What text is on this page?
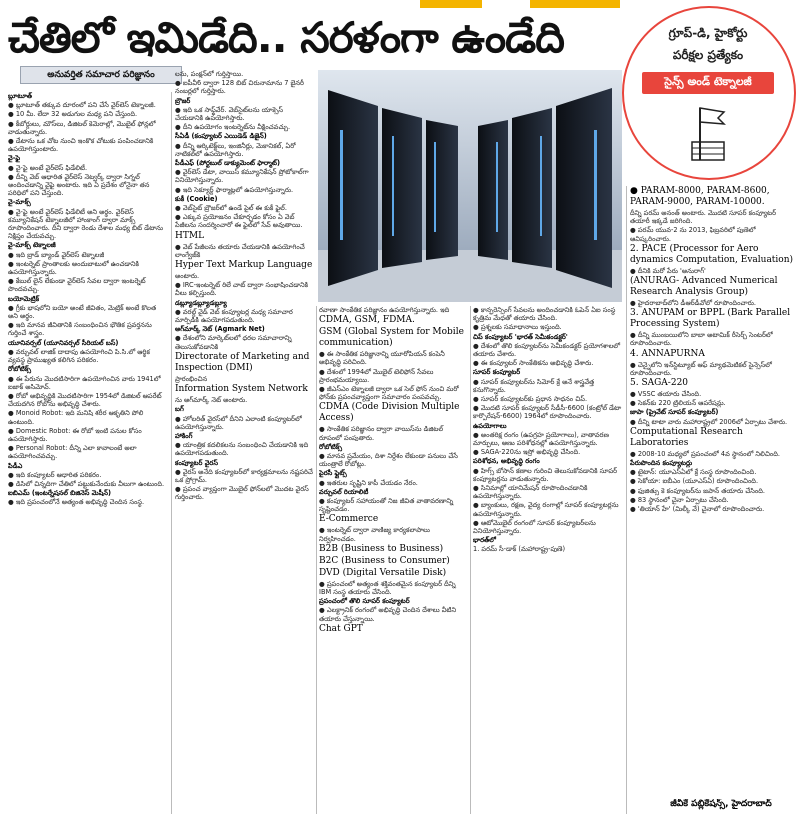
చేతిలో ఇమిడేది.. సరళంగా ఉండేది	గ్రూప్-డి, హైకోర్టు
పరీక్షల ప్రత్యేకం
సైన్స్ అండ్ టెక్నాలజీ
అనువర్తిత సమాచార పరిజ్ఞానం

బ్లూటూత్

● బ్లూటూత్ తక్కువ దూరంలో పని చేసే వైర్‌లెస్ టెక్నాలజీ.

● 10 మీ. లేదా 32 అడుగుల మధ్య పని చేస్తుంది.

● కీబోర్డులు, మౌస్‌లు, డిజిటల్ కెమెరాల్లో, మొబైల్ ఫోన్లలో వాడుతున్నారు.

● డేటాను ఒక చోట నుంచి ఇంకొక చోటుకు పంపించడానికి ఉపయోగిస్తుంటారు.

వై-ఫై

● వై-ఫై అంటే వైర్‌లెస్ ఫిడేలిటీ.

● దీన్ని వెబ్ ఆధారిత వైర్‌లెస్ నెట్వర్క్ ద్వారా సిగ్నల్ అందించడాన్ని వైఫై అంటారు. ఇది ఏ ప్రదేశం లోనైనా తన పరిధిలో పని చేస్తుంది.

వై-మాక్స్

● వై-ఫై అంటే వైర్‌లెస్ ఫిడేలిటీ అని అర్థం. వైర్‌లెస్ కమ్యూనికేషన్ టెక్నాలజీలో హాంకాంగ్ ద్వారా మాక్స్ రూపొందించారు. దీని ద్వారా రెండు దేశాల మధ్య బిట్ డేటాను నిక్షిప్తం చేయవచ్చు.

వై-మాక్స్ టెక్నాలజీ

● ఇది బ్రాడ్ బ్యాండ్ వైర్‌లెస్ టెక్నాలజీ

● ఇంటర్నెట్ ప్రాంతాలకు అందుబాటులో ఉంచడానికి ఉపయోగిస్తున్నారు.

● కేబుల్ లైన్ లేకుండా వైర్‌లెస్ సేవల ద్వారా ఇంటర్నెట్ పొందవచ్చు.

బయోమెట్రిక్

● గ్రీకు భాషలోని బయో అంటే జీవితం, మెట్రిక్ అంటే కొలత అని అర్థం.

● ఇది మానవ జీవితానికి సంబంధించిన భౌతిక ప్రవర్తనను గుర్తించే శాస్త్రం.

యూనివర్సల్ (యూనివర్సల్ సీరియల్ బస్)

● వర్చువల్ లాజిక్ దాదాపు ఉపయోగించి పి.సి.లో ఆర్థిక వ్యవస్థ ప్రాముఖ్యత కలిగిన పరికరం.

రోబోటిక్స్

● ఈ పేరును మొదటిసారిగా ఉపయోగించిన వారు 1941లో ఐజాక్ అసిమోవ్.

● రోబో అభివృద్ధికి మొదటిసారిగా 1954లో డిజిటల్ ఆపరేట్ చేయదగిన రోబోను అభివృద్ధి చేశారు.

● Monoid Robot: ఇది మనిషి శరీర ఆకృతిని పోలి ఉంటుంది.

● Domestic Robot: ఈ రోబో ఇంటి పనుల కోసం ఉపయోగిస్తారు.

● Personal Robot: దీన్ని ఎలా కావాలంటే అలా ఉపయోగించవచ్చు.

పిడీఎ

● ఇది కంప్యూటర్ ఆధారిత పరికరం.

● డిసిలో చిన్నదిగా చేతిలో పట్టుకునేందుకు వీలుగా ఉంటుంది.

ఐబిఎమ్ (ఇంటర్నేషనల్ బిజినెస్ మెషీన్)

● ఇది ప్రపంచంలోనే అత్యంత అభివృద్ధి చెందిన సంస్థ.

లను, పంక్షన్‌లో గుర్తిస్తాయి.

● ఐపీవీ6 ద్వారా 128 బిట్ చిరునామాను 7 బైనరీ నంబర్లలో గుర్తిస్తారు.

బ్రౌజర్

● ఇది ఒక సాఫ్ట్‌వేర్. వెబ్‌సైట్‌లను యాక్సెస్ చేయడానికి ఉపయోగిస్తారు.

● దీని ఉపయోగం ఇంటర్నెట్‌ను వీక్షించవచ్చు.

సీఏడీ (కంప్యూటర్ ఎయిడెడ్ డిజైన్)

● దీన్ని ఆర్కిటెక్ట్‌లు, ఇంజినీర్లు, మెకానికల్, ఏరో నాటికల్‌లో ఉపయోగిస్తారు.

పీడీఎఫ్ (పోర్టబుల్ డాక్యుమెంట్ ఫార్మాట్)

● వైర్‌లెస్ డేటా, వాయిస్ కమ్యూనికేషన్ ప్రోటోకాల్‌గా వినియోగిస్తున్నారు.

● ఇది సెక్యూర్డ్ ఫార్మాట్లలో ఉపయోగిస్తున్నారు.

కుకీ (Cookie)

● వెబ్‌సైట్ బ్రౌజర్‌లో ఉండే పైల్ ఈ కుకీ ఫైల్.

● ఎక్కువ ప్రయోజనం చేకూర్చడం కోసం ఏ వెబ్ పేజీలను సందర్శించారో ఈ ఫైల్‌లో సేవ్ అవుతాయి.

HTML

● వెబ్ పేజీలను తయారు చేయడానికి ఉపయోగించే లాంగ్వేజ్‌కి

Hyper Text Markup Language

అంటారు.

● IRC-ఇంటర్నెట్ రిలే చాట్ ద్వారా సంభాషించడానికి వీలు కల్పిస్తుంది.

డబ్ల్యూడబ్ల్యూడబ్ల్యూ

● వరల్డ్ వైడ్ వెబ్ కంప్యూటర్ల మధ్య సమాచార మార్పిడికి ఉపయోగపడుతుంది.

అగ్‌మార్క్ నెట్ (Agmark Net)

● దేశంలోని మార్కెట్‌లలో ధరల సమాచారాన్ని తెలుసుకోవడానికి

Directorate of Marketing and Inspection (DMI)

ప్రారంభించిన

Information System Network

ను అగ్‌మార్క్ నెట్ అంటారు.

బగ్

● హోలరిత్ వైరస్‌లో దీనిని ఎలాంటి కంప్యూటర్‌లో ఉపయోగిస్తున్నారు.

హాకింగ్

● యాంత్రిక కదలికలను సంబంధించి చేయడానికి ఇది ఉపయోగపడుతుంది.

కంప్యూటర్ వైరస్

● వైరస్ అనేది కంప్యూటర్‌లో కార్యక్రమాలను నష్టపరిచే ఒక ప్రోగ్రామ్.

● ప్రపంచ వ్యాప్తంగా మొబైల్ ఫోన్‌లలో మొదట వైరస్ గుర్తించారు.

రవాణా సాంకేతిక పరిజ్ఞానం ఉపయోగిస్తున్నారు. ఇది

CDMA, GSM, FDMA.

GSM (Global System for Mobile communication)

● ఈ సాంకేతిక పరిజ్ఞానాన్ని యూరోపియన్ కంపెనీ అభివృద్ధి పరిచింది.

● దేశంలో 1994లో మొబైల్ టెలిఫోన్ సేవలు ప్రారంభమయ్యాయి.

● జీఎస్ఎం టెక్నాలజీ ద్వారా ఒక సెల్ ఫోన్ నుంచి మరో ఫోన్‌కు ప్రపంచవ్యాప్తంగా సమాచారం పంపవచ్చు.

CDMA (Code Division Multiple Access)

● సాంకేతిక పరిజ్ఞానం ద్వారా వాయిస్‌ను డిజిటల్ రూపంలో పంపుతారు.

రోబోటిక్స్

● మానవ ప్రమేయం, దిశా నిర్దేశం లేకుండా పనులు చేసే యంత్రాలే రోబోట్లు.

పైరసీ ఫ్లైట్స్

● ఇతరుల సృష్టిని కాపీ చేయడం నేరం.

వర్చువల్ రియాలిటీ

● కంప్యూటర్ సహాయంతో నిజ జీవిత వాతావరణాన్ని సృష్టించడం.

E-Commerce

● ఇంటర్నెట్ ద్వారా వాణిజ్య కార్యకలాపాలు నిర్వహించడం.

B2B (Business to Business)

B2C (Business to Consumer)

DVD (Digital Versatile Disk)

● ప్రపంచంలో అత్యంత శక్తివంతమైన కంప్యూటర్ దీన్ని IBM సంస్థ తయారు చేసింది.

ప్రపంచంలో తొలి సూపర్ కంప్యూటర్

● ఎలక్ట్రానిక్ రంగంలో అభివృద్ధి చెందిన దేశాలు వీటిని తయారు చేస్తున్నాయి.

Chat GPT

● కాన్ఫరెన్సింగ్ సేవలను అందించడానికి ఓపెన్ ఏఐ సంస్థ కృత్రిమ మేధతో తయారు చేసింది.

● ప్రశ్నలకు సమాధానాలు ఇస్తుంది.

చిప్ కంప్యూటర్ 'భారత్ సెమీకండక్టర్'

● దేశంలో తొలి కంప్యూటర్‌ను సెమీకండక్టర్ ప్రయోగశాలలో తయారు చేశారు.

● ఈ కంప్యూటర్ సాంకేతికను అభివృద్ధి చేశారు.

సూపర్ కంప్యూటర్

● సూపర్ కంప్యూటర్‌ను సిమోర్ క్రే అనే శాస్త్రవేత్త కనుగొన్నారు.

● సూపర్ కంప్యూటర్‌కు ప్రధాన సాధనం చిప్.

● మొదటి సూపర్ కంప్యూటర్ సీడీసీ-6600 (కంట్రోల్ డేటా కార్పొరేషన్-6600) 1964లో రూపొందించారు.

ఉపయోగాలు

● అంతరిక్ష రంగం (ఉపగ్రహ ప్రయోగాలు), వాతావరణ మార్పులు, అణు పరిశోధనల్లో ఉపయోగిస్తున్నారు.

● SAGA-220ను ఇస్రో అభివృద్ధి చేసింది.

పరిశోధన, అభివృద్ధి రంగం

● హిగ్స్ బోసాన్ కణాల గురించి తెలుసుకోవడానికి సూపర్ కంప్యూటర్లను వాడుతున్నారు.

● సినిమాల్లో యానిమేషన్ రూపొందించడానికి ఉపయోగిస్తున్నారు.

● బ్యాంకులు, రక్షణ, వైద్య రంగాల్లో సూపర్ కంప్యూటర్లను ఉపయోగిస్తున్నారు.

● ఆటోమొబైల్ రంగంలో సూపర్ కంప్యూటర్‌లను వినియోగిస్తున్నారు.

భారత్‌లో

1. పరమ్ సీ-డాక్ (మహారాష్ట్ర-పుణె)

● PARAM-8000, PARAM-8600, PARAM-9000, PARAM-10000.

దీన్ని పరమ్ అనంత్ అంటారు. మొదటి సూపర్ కంప్యూటర్ తయారీ ఇక్కడే జరిగింది.

● పరమ్ యువ-2 ను 2013, ఫిబ్రవరిలో పుణెలో ఆవిష్కరించారు.

2. PACE (Processor for Aero dynamics Computation, Evaluation)

● దీనికి మరో పేరు 'అనురాగ్'

(ANURAG- Advanced Numerical Research Analysis Group)

● హైదరాబాద్‌లోని డీఆర్‌డీవోలో రూపొందించారు.

3. ANUPAM or BPPL (Bark Parallel Processing System)

● దీన్ని ముంబయిలోని బాబా అటామిక్ రీసెర్చ్ సెంటర్‌లో రూపొందించారు.

4. ANNAPURNA

● చెన్నైలోని ఇన్‌స్టిట్యూట్ ఆఫ్ మ్యాథమెటికల్ సైన్సెస్‌లో రూపొందించారు.

5. SAGA-220

● VSSC తయారు చేసింది.

● సెకన్‌కు 220 ట్రిలియన్ ఆపరేషన్లు.

జాపా (ప్రైవేట్ సూపర్ కంప్యూటర్)

● దీన్ని టాటా వారు మహారాష్ట్రలో 2006లో ఏర్పాటు చేశారు.

Computational Research Laboratories

● 2008-10 మధ్యలో ప్రపంచంలో 4వ స్థానంలో నిలిచింది.

పేరుపొందిన కంప్యూటర్లు

● టైటాన్: యూఎస్‌ఏలో క్రే సంస్థ రూపొందించింది.

● సెకోయా: ఐబీఎం (యూఎస్ఏ) రూపొందించింది.

● ఫుజిత్సు కె కంప్యూటర్‌ను జపాన్ తయారు చేసింది.

● 83 స్థానంలో చైనా ఏర్పాటు చేసింది.

● 'తియాన్ హే' (మిల్కీ వే) చైనాలో రూపొందించారు.

జీవీకే పబ్లికేషన్స్, హైదరాబాద్
